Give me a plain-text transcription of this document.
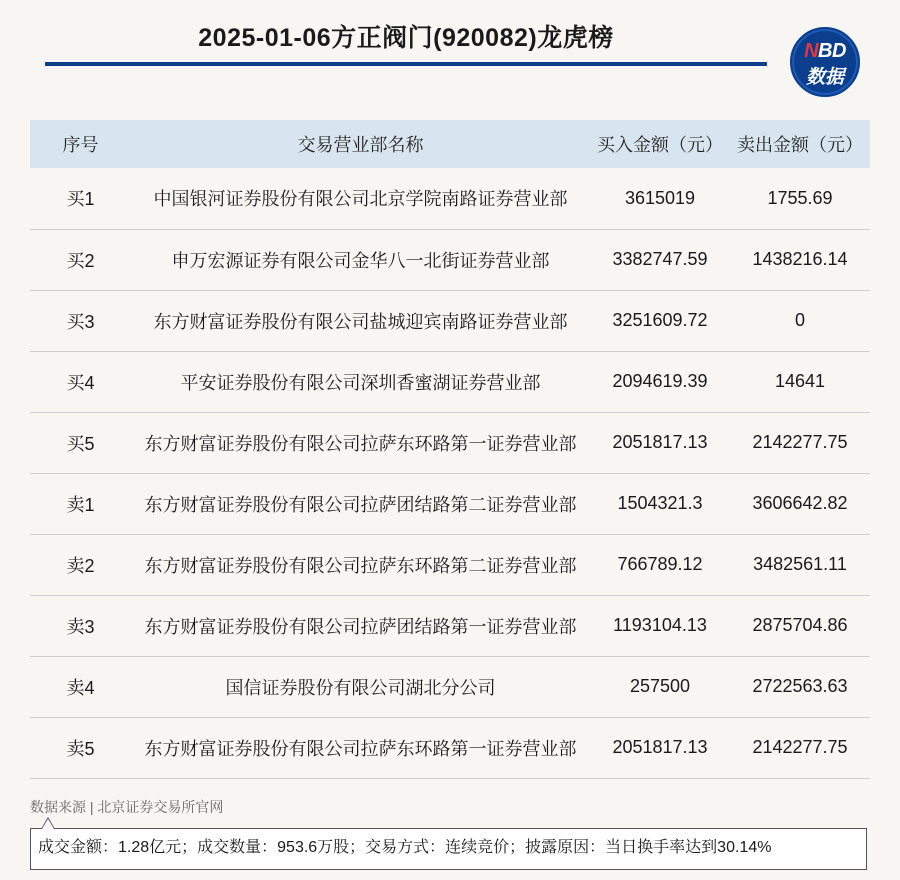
2025-01-06方正阀门(920082)龙虎榜	NBD
数据
序号	交易营业部名称	买入金额（元）	卖出金额（元）
买1	中国银河证券股份有限公司北京学院南路证券营业部	3615019	1755.69
买2	申万宏源证券有限公司金华八一北街证券营业部	3382747.59	1438216.14
买3	东方财富证券股份有限公司盐城迎宾南路证券营业部	3251609.72	0
买4	平安证券股份有限公司深圳香蜜湖证券营业部	2094619.39	14641
买5	东方财富证券股份有限公司拉萨东环路第一证券营业部	2051817.13	2142277.75
卖1	东方财富证券股份有限公司拉萨团结路第二证券营业部	1504321.3	3606642.82
卖2	东方财富证券股份有限公司拉萨东环路第二证券营业部	766789.12	3482561.11
卖3	东方财富证券股份有限公司拉萨团结路第一证券营业部	1193104.13	2875704.86
卖4	国信证券股份有限公司湖北分公司	257500	2722563.63
卖5	东方财富证券股份有限公司拉萨东环路第一证券营业部	2051817.13	2142277.75
数据来源 | 北京证券交易所官网
成交金额：1.28亿元；成交数量：953.6万股；交易方式：连续竞价；披露原因：当日换手率达到30.14%
